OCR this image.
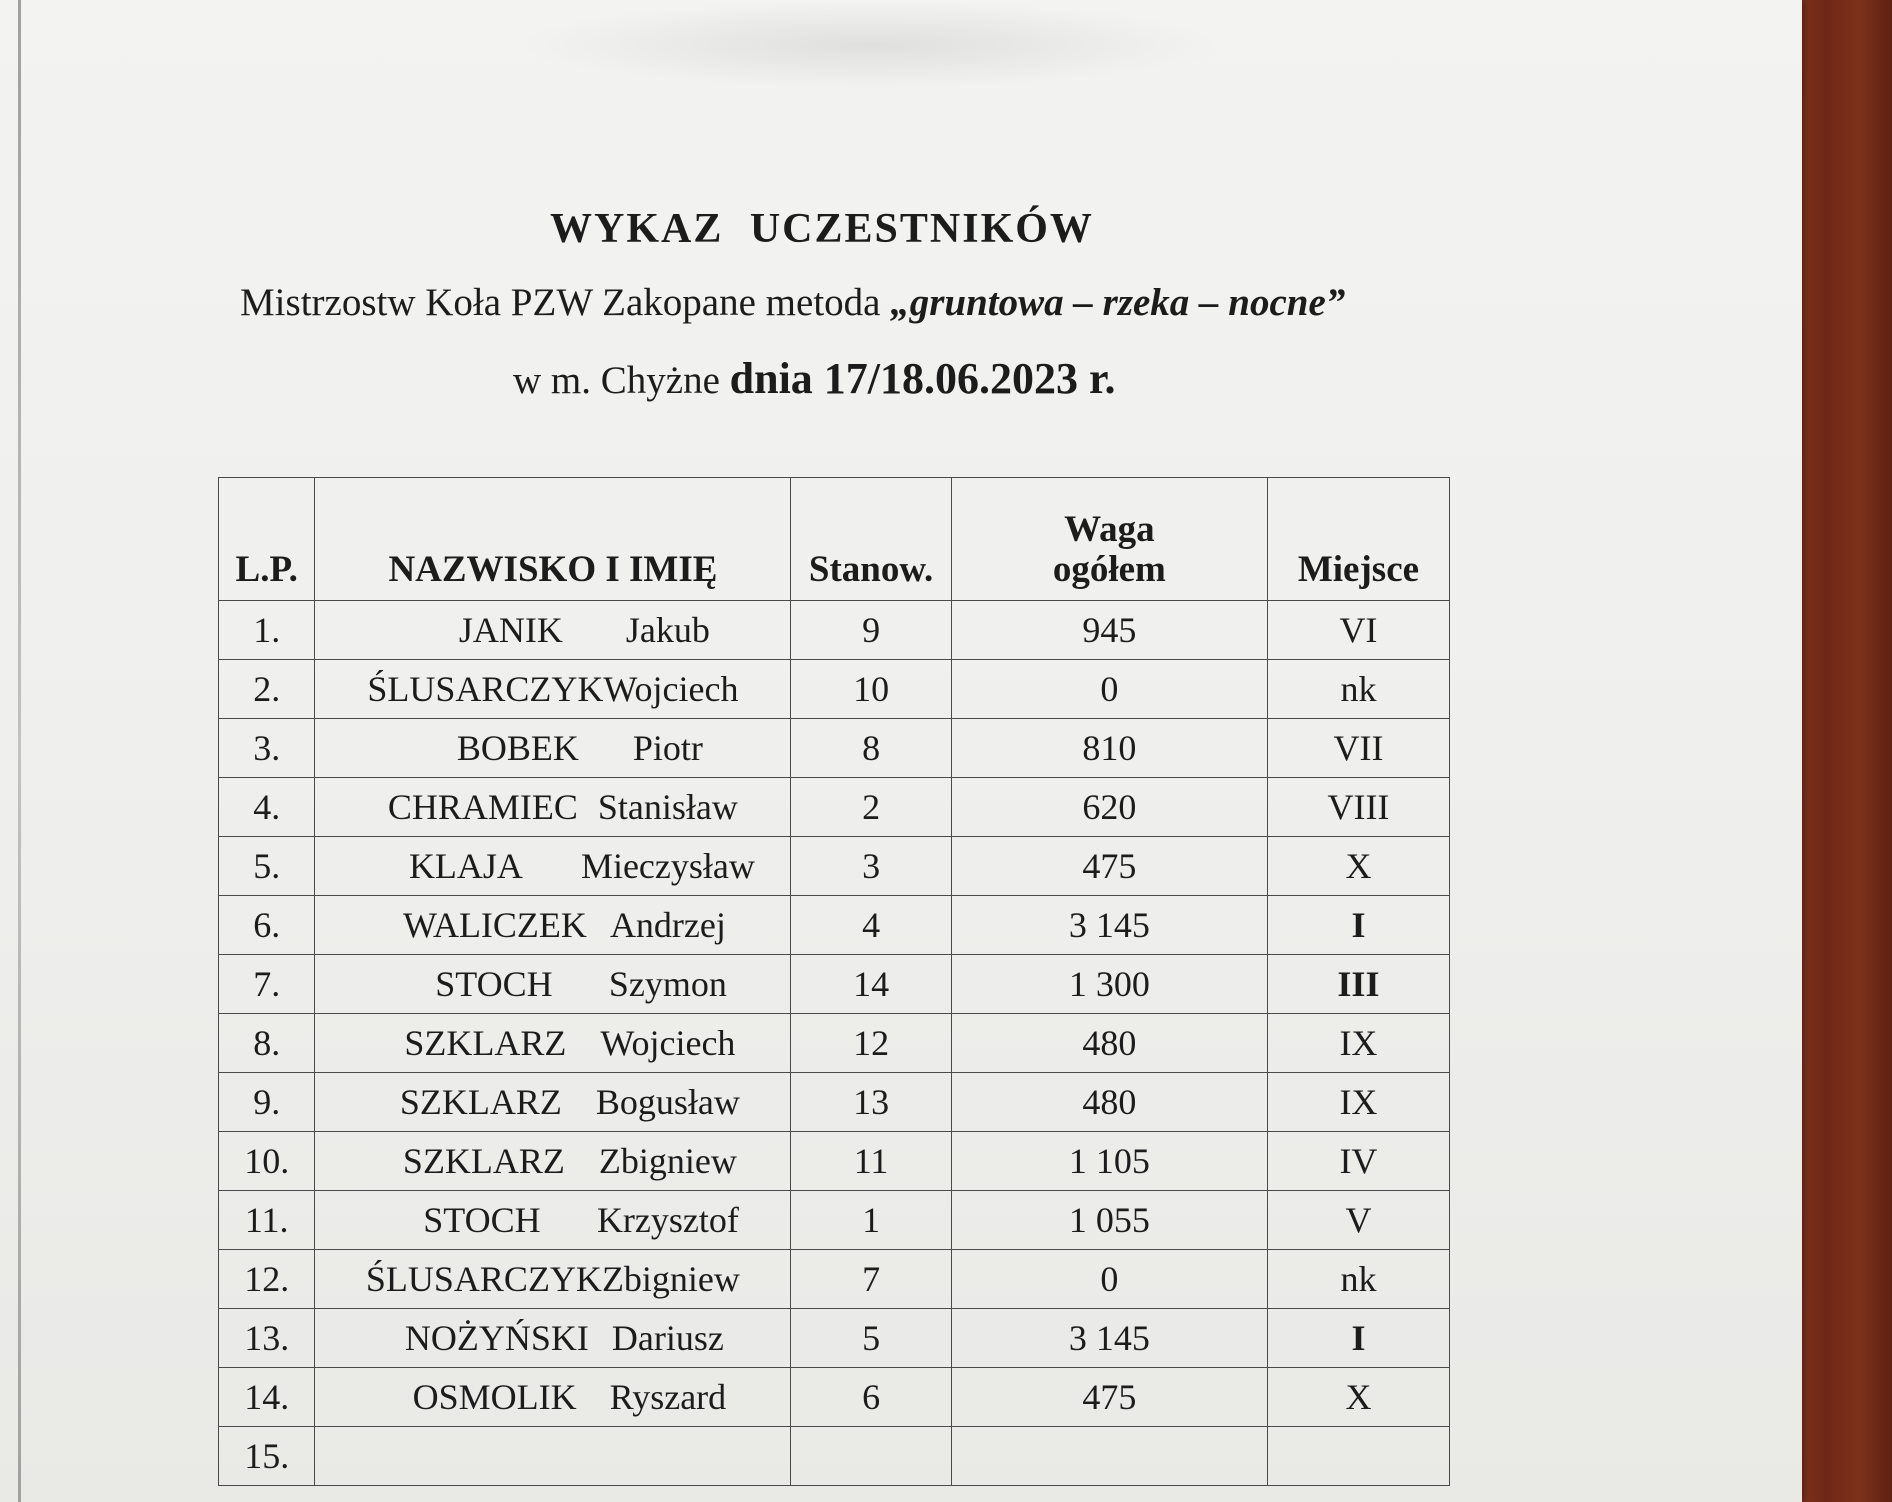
WYKAZ UCZESTNIKÓW
Mistrzostw Koła PZW Zakopane metoda „gruntowa – rzeka – nocne”
w m. Chyżne dnia 17/18.06.2023 r.
L.P.	NAZWISKO I IMIĘ	Stanow.	Waga ogółem	Miejsce
1.	JANIK Jakub	9	945	VI
2.	ŚLUSARCZYKWojciech	10	0	nk
3.	BOBEK Piotr	8	810	VII
4.	CHRAMIEC Stanisław	2	620	VIII
5.	KLAJA Mieczysław	3	475	X
6.	WALICZEK Andrzej	4	3 145	I
7.	STOCH Szymon	14	1 300	III
8.	SZKLARZ Wojciech	12	480	IX
9.	SZKLARZ Bogusław	13	480	IX
10.	SZKLARZ Zbigniew	11	1 105	IV
11.	STOCH Krzysztof	1	1 055	V
12.	ŚLUSARCZYKZbigniew	7	0	nk
13.	NOŻYŃSKI Dariusz	5	3 145	I
14.	OSMOLIK Ryszard	6	475	X
15.				
